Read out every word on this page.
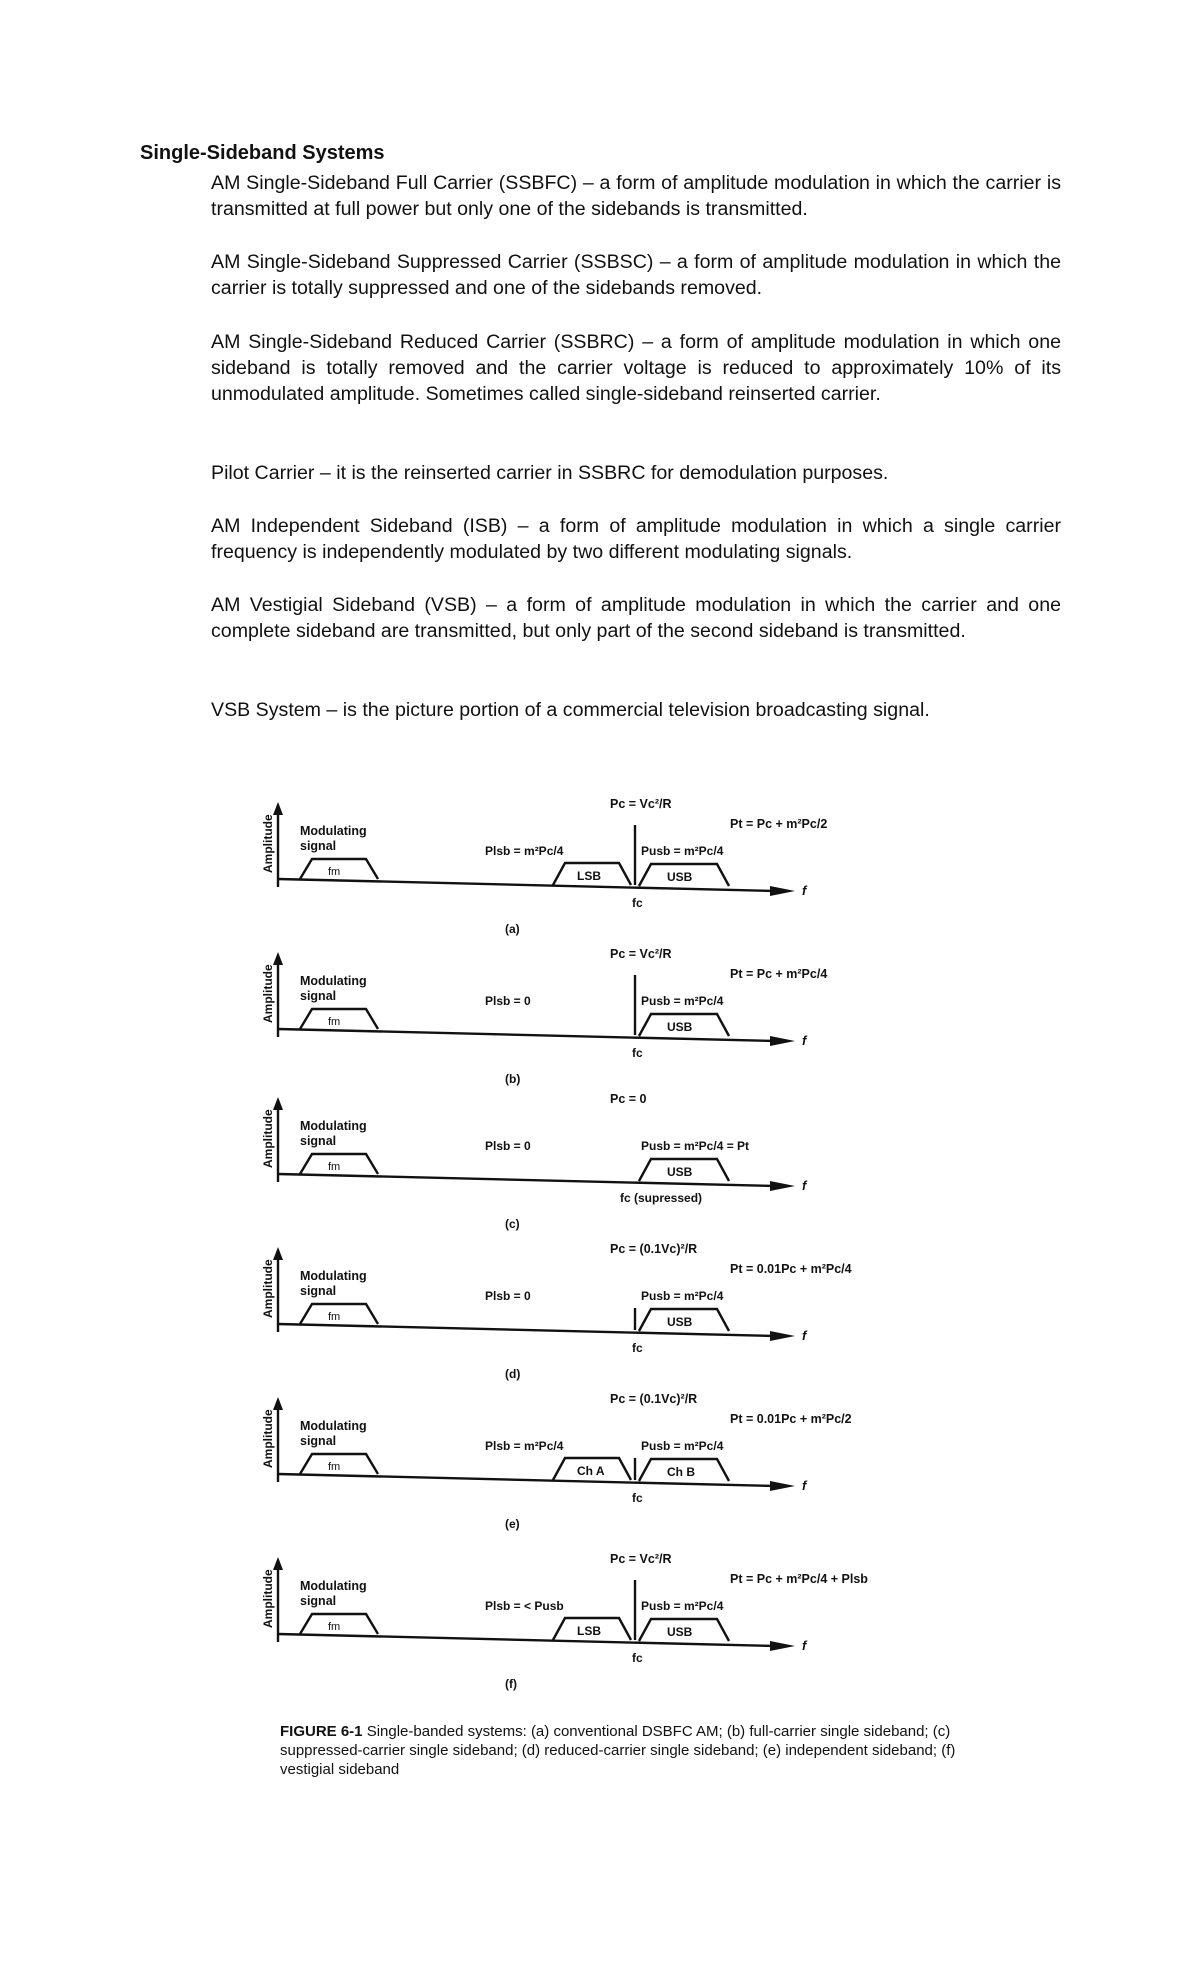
Single-Sideband Systems

AM Single-Sideband Full Carrier (SSBFC) – a form of amplitude modulation in which the carrier is transmitted at full power but only one of the sidebands is transmitted.

AM Single-Sideband Suppressed Carrier (SSBSC) – a form of amplitude modulation in which the carrier is totally suppressed and one of the sidebands removed.

AM Single-Sideband Reduced Carrier (SSBRC) – a form of amplitude modulation in which one sideband is totally removed and the carrier voltage is reduced to approximately 10% of its unmodulated amplitude. Sometimes called single-sideband reinserted carrier.

Pilot Carrier – it is the reinserted carrier in SSBRC for demodulation purposes.

AM Independent Sideband (ISB) – a form of amplitude modulation in which a single carrier frequency is independently modulated by two different modulating signals.

AM Vestigial Sideband (VSB) – a form of amplitude modulation in which the carrier and one complete sideband are transmitted, but only part of the second sideband is transmitted.

VSB System – is the picture portion of a commercial television broadcasting signal.

Amplitude
f
Modulating
signal
fm
fc
LSB	USB
Pc = Vc²/R
Pt = Pc + m²Pc/2
Plsb = m²Pc/4	Pusb = m²Pc/4
(a)
Amplitude
f
Modulating
signal
fm
fc
USB
Pc = Vc²/R
Pt = Pc + m²Pc/4
Plsb = 0	Pusb = m²Pc/4
(b)
Amplitude
f
Modulating
signal
fm
fc (supressed)
USB
Pc = 0
Plsb = 0	Pusb = m²Pc/4 = Pt
(c)
Amplitude
f
Modulating
signal
fm
fc
USB
Pc = (0.1Vc)²/R
Pt = 0.01Pc + m²Pc/4
Plsb = 0	Pusb = m²Pc/4
(d)
Amplitude
f
Modulating
signal
fm
fc
Ch A	Ch B
Pc = (0.1Vc)²/R
Pt = 0.01Pc + m²Pc/2
Plsb = m²Pc/4	Pusb = m²Pc/4
(e)
Amplitude
f
Modulating
signal
fm
fc
LSB	USB
Pc = Vc²/R
Pt = Pc + m²Pc/4 + Plsb
Plsb = < Pusb	Pusb = m²Pc/4
(f)
FIGURE 6-1 Single-banded systems: (a) conventional DSBFC AM; (b) full-carrier single sideband; (c) suppressed-carrier single sideband; (d) reduced-carrier single sideband; (e) independent sideband; (f) vestigial sideband
